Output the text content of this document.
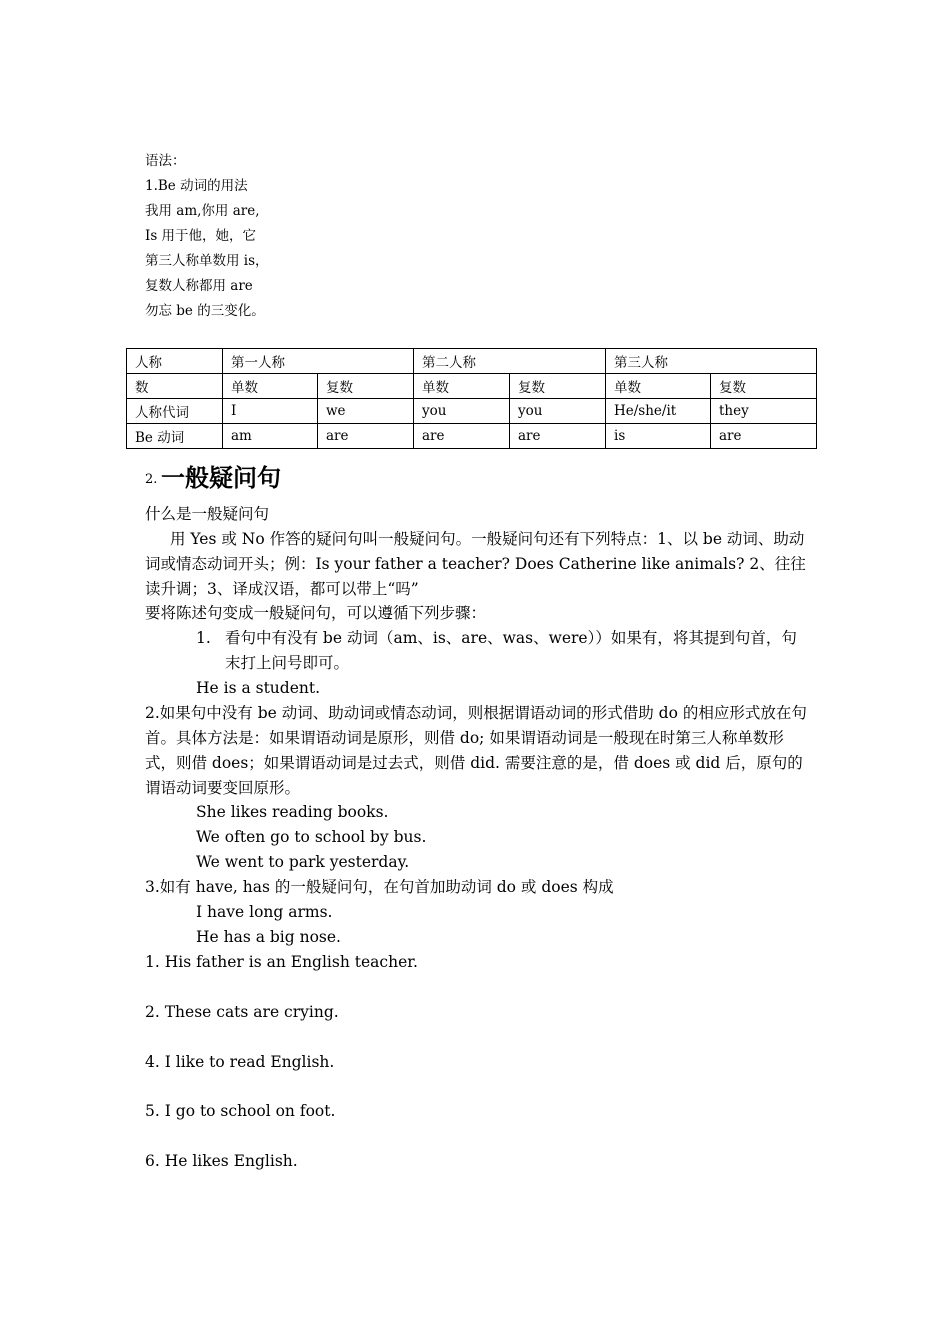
语法：
1.Be 动词的用法
我用 am,你用 are,
Is 用于他，她，它
第三人称单数用 is，
复数人称都用 are
勿忘 be 的三变化。
人称	第一人称		第二人称		第三人称	
数	单数	复数	单数	复数	单数	复数
人称代词	I	we	you	you	He/she/it	they
Be 动词	am	are	are	are	is	are
2. 一般疑问句
什么是一般疑问句
用 Yes 或 No 作答的疑问句叫一般疑问句。一般疑问句还有下列特点：1、以 be 动词、助动词或情态动词开头；例：Is your father a teacher? Does Catherine like animals? 2、往往读升调；3、译成汉语，都可以带上“吗”
要将陈述句变成一般疑问句，可以遵循下列步骤：
1. 看句中有没有 be 动词（am、is、are、was、were））如果有，将其提到句首，句末打上问号即可。
He is a student.
2.如果句中没有 be 动词、助动词或情态动词，则根据谓语动词的形式借助 do 的相应形式放在句首。具体方法是：如果谓语动词是原形，则借 do; 如果谓语动词是一般现在时第三人称单数形式，则借 does；如果谓语动词是过去式，则借 did. 需要注意的是，借 does 或 did 后，原句的谓语动词要变回原形。
She likes reading books.
We often go to school by bus.
We went to park yesterday.
3.如有 have, has 的一般疑问句，在句首加助动词 do 或 does 构成
I have long arms.
He has a big nose.
1. His father is an English teacher.
2. These cats are crying.
4. I like to read English.
5. I go to school on foot.
6. He likes English.
